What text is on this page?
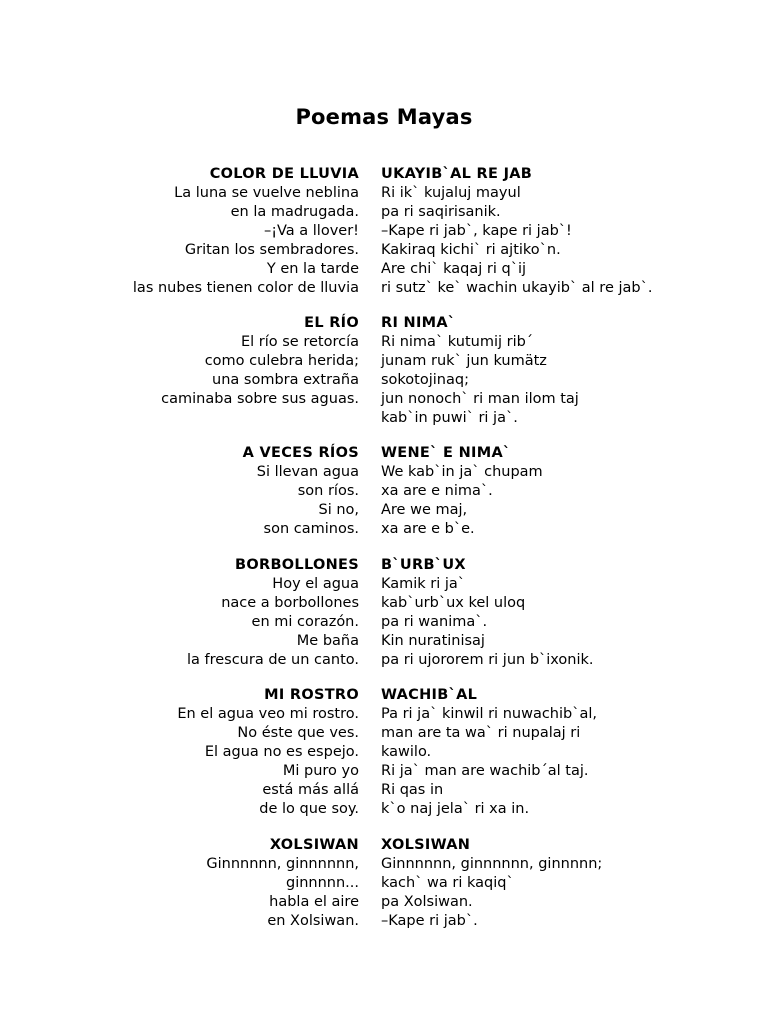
Poemas Mayas
COLOR DE LLUVIA
La luna se vuelve neblina
en la madrugada.
–¡Va a llover!
Gritan los sembradores.
Y en la tarde
las nubes tienen color de lluvia
UKAYIB`AL RE JAB
Ri ik` kujaluj mayul
pa ri saqirisanik.
–Kape ri jab`, kape ri jab`!
Kakiraq kichi` ri ajtiko`n.
Are chi` kaqaj ri q`ij
ri sutz` ke` wachin ukayib` al re jab`.
EL RÍO
El río se retorcía
como culebra herida;
una sombra extraña
caminaba sobre sus aguas.
RI NIMA`
Ri nima` kutumij rib´
junam ruk` jun kumätz
sokotojinaq;
jun nonoch` ri man ilom taj
kab`in puwi` ri ja`.
A VECES RÍOS
Si llevan agua
son ríos.
Si no,
son caminos.
WENE` E NIMA`
We kab`in ja` chupam
xa are e nima`.
Are we maj,
xa are e b`e.
BORBOLLONES
Hoy el agua
nace a borbollones
en mi corazón.
Me baña
la frescura de un canto.
B`URB`UX
Kamik ri ja`
kab`urb`ux kel uloq
pa ri wanima`.
Kin nuratinisaj
pa ri ujororem ri jun b`ixonik.
MI ROSTRO
En el agua veo mi rostro.
No éste que ves.
El agua no es espejo.
Mi puro yo
está más allá
de lo que soy.
WACHIB`AL
Pa ri ja` kinwil ri nuwachib`al,
man are ta wa` ri nupalaj ri
kawilo.
Ri ja` man are wachib´al taj.
Ri qas in
k`o naj jela` ri xa in.
XOLSIWAN
Ginnnnnn, ginnnnnn,
ginnnnn...
habla el aire
en Xolsiwan.
XOLSIWAN
Ginnnnnn, ginnnnnn, ginnnnn;
kach` wa ri kaqiq`
pa Xolsiwan.
–Kape ri jab`.
